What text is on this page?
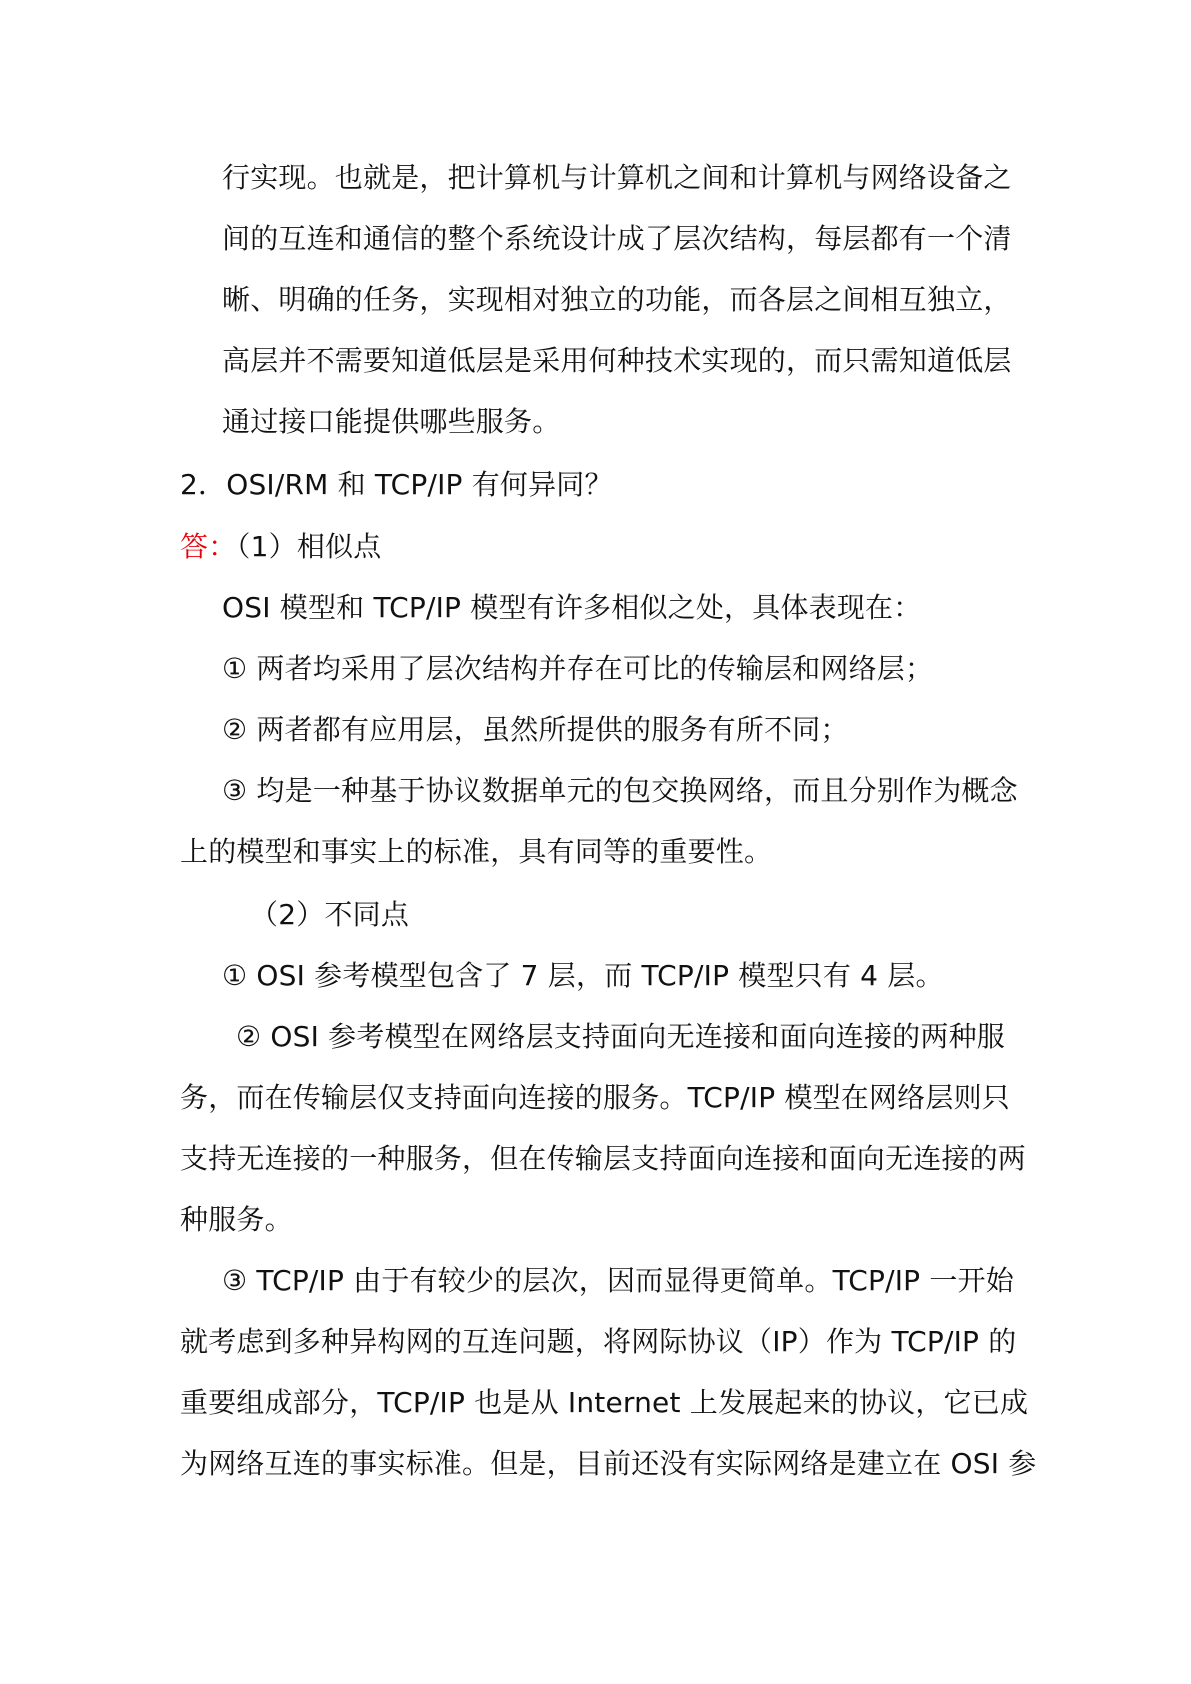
行实现。也就是，把计算机与计算机之间和计算机与网络设备之
间的互连和通信的整个系统设计成了层次结构，每层都有一个清
晰、明确的任务，实现相对独立的功能，而各层之间相互独立，
高层并不需要知道低层是采用何种技术实现的，而只需知道低层
通过接口能提供哪些服务。
2．OSI/RM 和 TCP/IP 有何异同？
答：（1）相似点
OSI 模型和 TCP/IP 模型有许多相似之处，具体表现在：
① 两者均采用了层次结构并存在可比的传输层和网络层；
② 两者都有应用层，虽然所提供的服务有所不同；
③ 均是一种基于协议数据单元的包交换网络，而且分别作为概念
上的模型和事实上的标准，具有同等的重要性。
（2）不同点
① OSI 参考模型包含了 7 层，而 TCP/IP 模型只有 4 层。
② OSI 参考模型在网络层支持面向无连接和面向连接的两种服
务，而在传输层仅支持面向连接的服务。TCP/IP 模型在网络层则只
支持无连接的一种服务，但在传输层支持面向连接和面向无连接的两
种服务。
③ TCP/IP 由于有较少的层次，因而显得更简单。TCP/IP 一开始
就考虑到多种异构网的互连问题，将网际协议（IP）作为 TCP/IP 的
重要组成部分，TCP/IP 也是从 Internet 上发展起来的协议，它已成
为网络互连的事实标准。但是，目前还没有实际网络是建立在 OSI 参
